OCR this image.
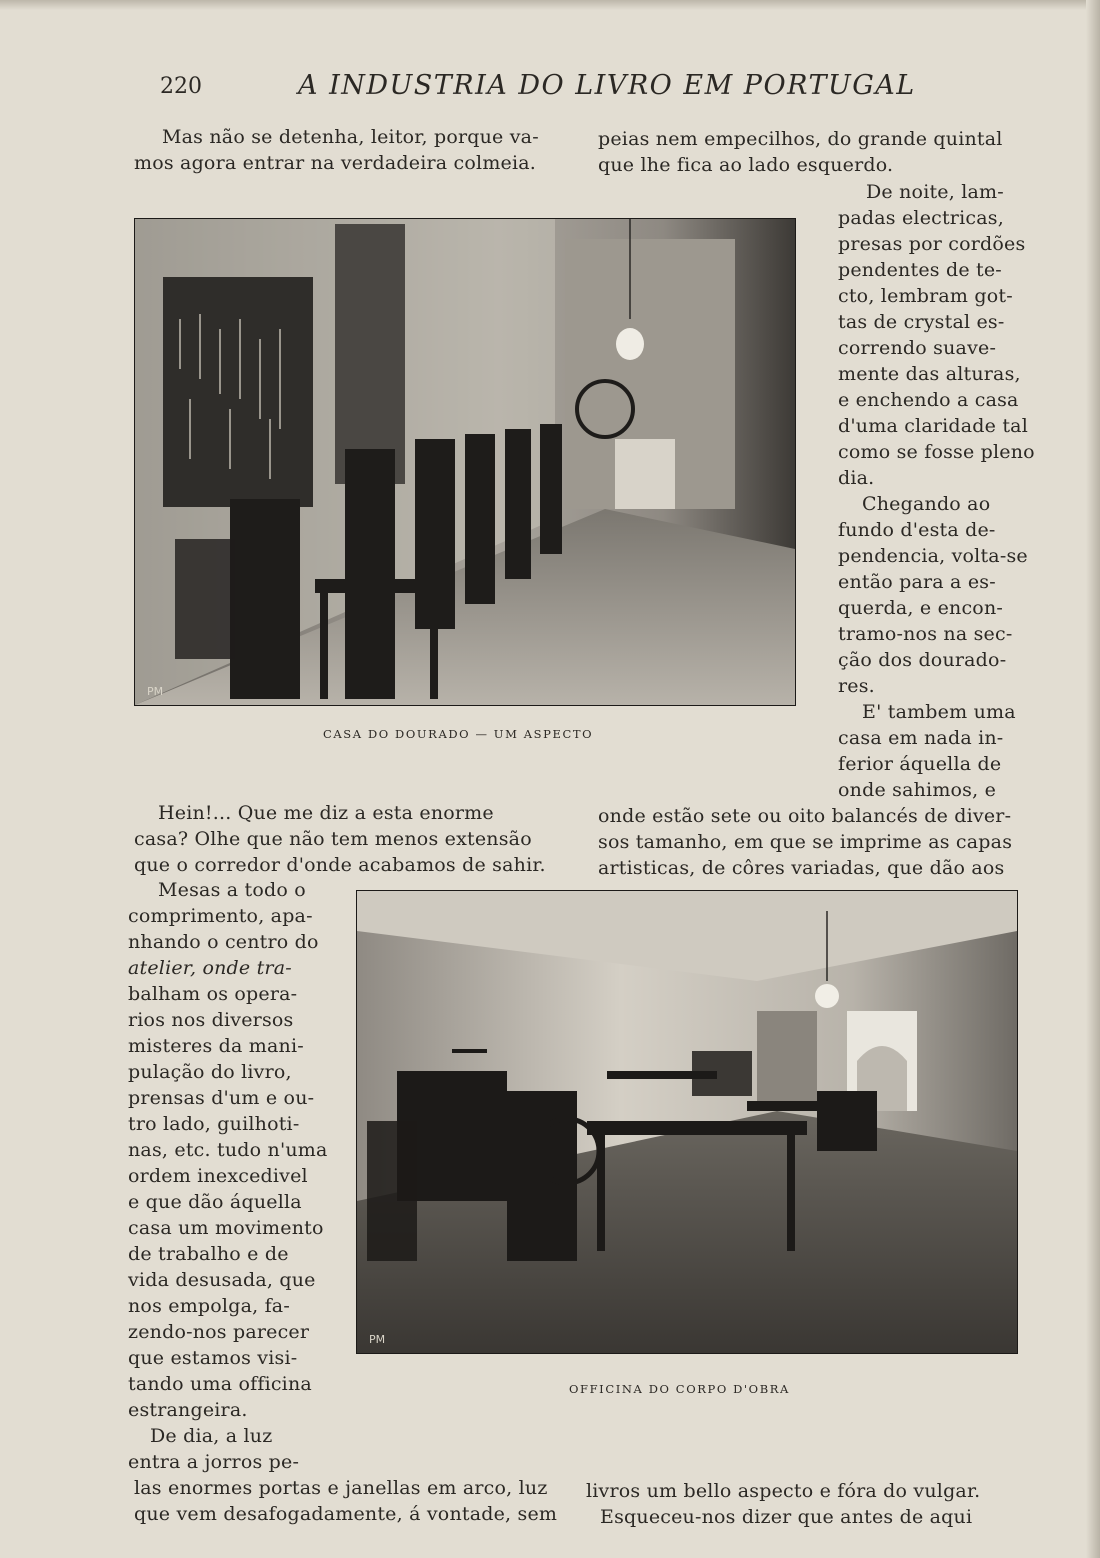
220	A INDUSTRIA DO LIVRO EM PORTUGAL
PM
CASA DO DOURADO — UM ASPECTO
PM
OFFICINA DO CORPO D'OBRA
Mas não se detenha, leitor, porque va-
mos agora entrar na verdadeira colmeia.
peias nem empecilhos, do grande quintal
que lhe fica ao lado esquerdo.
De noite, lam-
padas electricas,
presas por cordões
pendentes de te-
cto, lembram got-
tas de crystal es-
correndo suave-
mente das alturas,
e enchendo a casa
d'uma claridade tal
como se fosse pleno
dia.
Chegando ao
fundo d'esta de-
pendencia, volta-se
então para a es-
querda, e encon-
tramo-nos na sec-
ção dos dourado-
res.
E' tambem uma
casa em nada in-
ferior áquella de
onde sahimos, e
Hein!... Que me diz a esta enorme
casa? Olhe que não tem menos extensão
que o corredor d'onde acabamos de sahir.
onde estão sete ou oito balancés de diver-
sos tamanho, em que se imprime as capas
artisticas, de côres variadas, que dão aos
Mesas a todo o
comprimento, apa-
nhando o centro do
atelier, onde tra-
balham os opera-
rios nos diversos
misteres da mani-
pulação do livro,
prensas d'um e ou-
tro lado, guilhoti-
nas, etc. tudo n'uma
ordem inexcedivel
e que dão áquella
casa um movimento
de trabalho e de
vida desusada, que
nos empolga, fa-
zendo-nos parecer
que estamos visi-
tando uma officina
estrangeira.
De dia, a luz
entra a jorros pe-
las enormes portas e janellas em arco, luz
que vem desafogadamente, á vontade, sem
livros um bello aspecto e fóra do vulgar.
Esqueceu-nos dizer que antes de aqui
